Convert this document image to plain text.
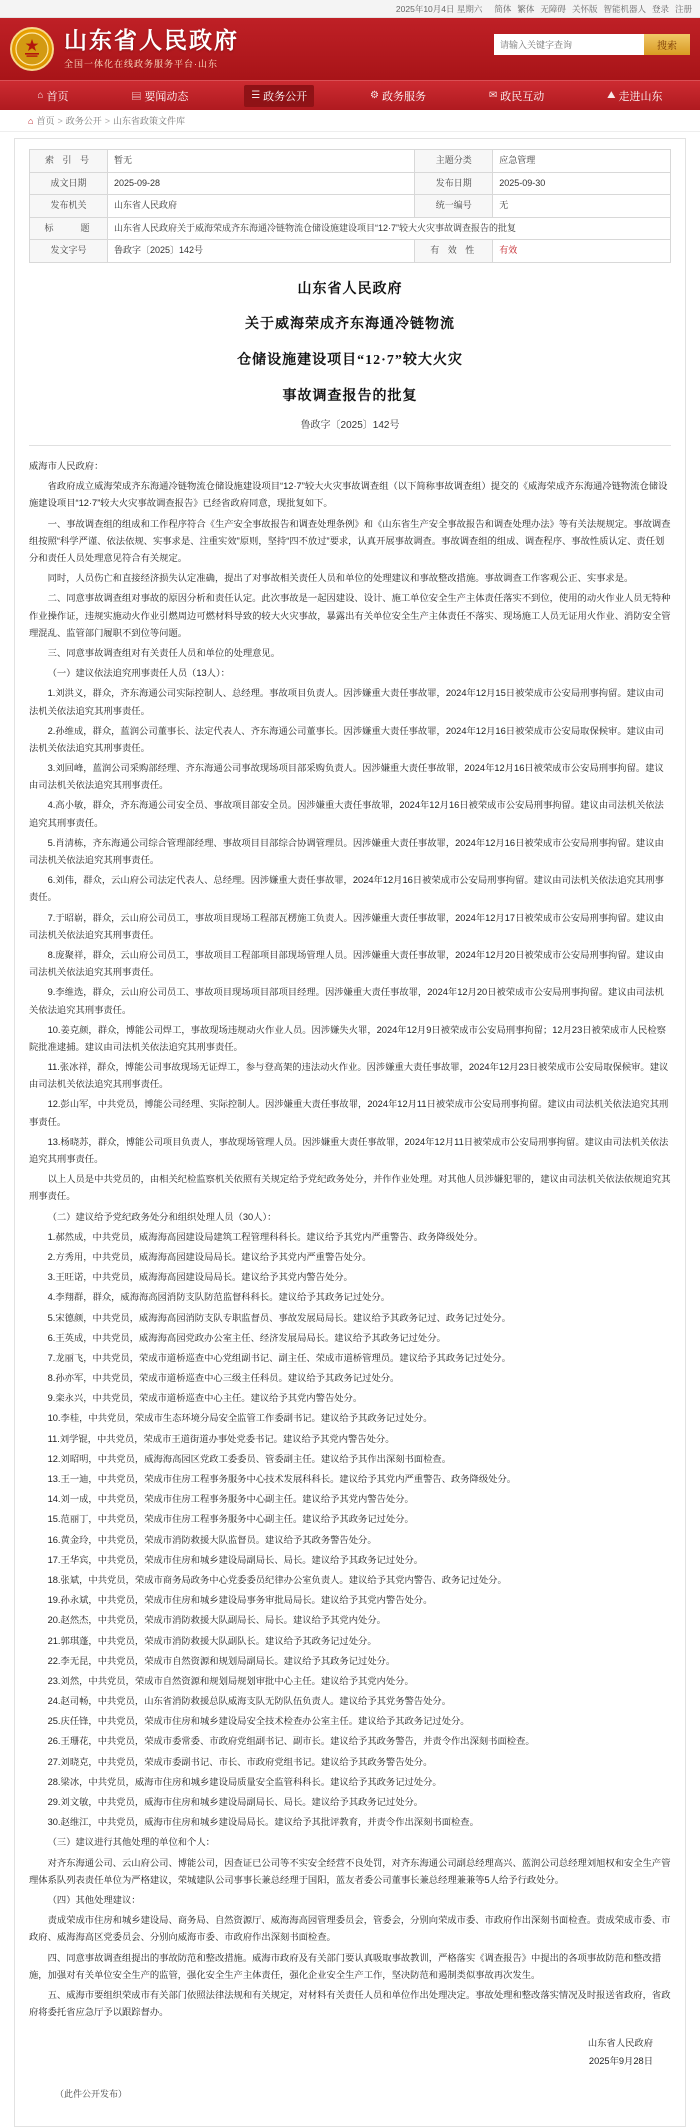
2025年10月4日 星期六 简体 繁体 无障碍 关怀版 智能机器人 登录 注册
山东省人民政府
全国一体化在线政务服务平台·山东
请输入关键字查询
搜索
⌂ 首页	▤ 要闻动态	☰ 政务公开	⚙ 政务服务	✉ 政民互动	⛰ 走进山东
⌂ 首页 > 政务公开 > 山东省政策文件库
索 引 号	暂无	主题分类	应急管理
成文日期	2025-09-28	发布日期	2025-09-30
发布机关	山东省人民政府	统一编号	无
标　　题	山东省人民政府关于威海荣成齐东海通冷链物流仓储设施建设项目“12·7”较大火灾事故调查报告的批复		
发文字号	鲁政字〔2025〕142号	有 效 性	有效
山东省人民政府
关于威海荣成齐东海通冷链物流
仓储设施建设项目“12·7”较大火灾
事故调查报告的批复
鲁政字〔2025〕142号

威海市人民政府：

省政府成立威海荣成齐东海通冷链物流仓储设施建设项目“12·7”较大火灾事故调查组（以下简称事故调查组）提交的《威海荣成齐东海通冷链物流仓储设施建设项目“12·7”较大火灾事故调查报告》已经省政府同意，现批复如下。

一、事故调查组的组成和工作程序符合《生产安全事故报告和调查处理条例》和《山东省生产安全事故报告和调查处理办法》等有关法规规定。事故调查组按照“科学严谨、依法依规、实事求是、注重实效”原则，坚持“四不放过”要求，认真开展事故调查。事故调查组的组成、调查程序、事故性质认定、责任划分和责任人员处理意见符合有关规定。

同时，人员伤亡和直接经济损失认定准确，提出了对事故相关责任人员和单位的处理建议和事故整改措施。事故调查工作客观公正、实事求是。

二、同意事故调查组对事故的原因分析和责任认定。此次事故是一起因建设、设计、施工单位安全生产主体责任落实不到位，使用的动火作业人员无特种作业操作证，违规实施动火作业引燃周边可燃材料导致的较大火灾事故，暴露出有关单位安全生产主体责任不落实、现场施工人员无证用火作业、消防安全管理混乱、监管部门履职不到位等问题。

三、同意事故调查组对有关责任人员和单位的处理意见。

（一）建议依法追究刑事责任人员（13人）：

1.刘洪义，群众，齐东海通公司实际控制人、总经理。事故项目负责人。因涉嫌重大责任事故罪，2024年12月15日被荣成市公安局刑事拘留。建议由司法机关依法追究其刑事责任。

2.孙维成，群众，蓝润公司董事长、法定代表人、齐东海通公司董事长。因涉嫌重大责任事故罪，2024年12月16日被荣成市公安局取保候审。建议由司法机关依法追究其刑事责任。

3.刘回峰，蓝润公司采购部经理、齐东海通公司事故现场项目部采购负责人。因涉嫌重大责任事故罪，2024年12月16日被荣成市公安局刑事拘留。建议由司法机关依法追究其刑事责任。

4.高小敏，群众，齐东海通公司安全员、事故项目部安全员。因涉嫌重大责任事故罪，2024年12月16日被荣成市公安局刑事拘留。建议由司法机关依法追究其刑事责任。

5.肖清栋，齐东海通公司综合管理部经理、事故项目目部综合协调管理员。因涉嫌重大责任事故罪，2024年12月16日被荣成市公安局刑事拘留。建议由司法机关依法追究其刑事责任。

6.刘伟，群众，云山府公司法定代表人、总经理。因涉嫌重大责任事故罪，2024年12月16日被荣成市公安局刑事拘留。建议由司法机关依法追究其刑事责任。

7.于昭崭，群众，云山府公司员工，事故项目现场工程部瓦楞施工负责人。因涉嫌重大责任事故罪，2024年12月17日被荣成市公安局刑事拘留。建议由司法机关依法追究其刑事责任。

8.庞聚祥，群众，云山府公司员工，事故项目工程部项目部现场管理人员。因涉嫌重大责任事故罪，2024年12月20日被荣成市公安局刑事拘留。建议由司法机关依法追究其刑事责任。

9.李维选，群众，云山府公司员工、事故项目现场项目部项目经理。因涉嫌重大责任事故罪，2024年12月20日被荣成市公安局刑事拘留。建议由司法机关依法追究其刑事责任。

10.姜克颜，群众，博能公司焊工，事故现场违规动火作业人员。因涉嫌失火罪，2024年12月9日被荣成市公安局刑事拘留；12月23日被荣成市人民检察院批准逮捕。建议由司法机关依法追究其刑事责任。

11.张冰祥，群众，博能公司事故现场无证焊工，参与登高架的违法动火作业。因涉嫌重大责任事故罪，2024年12月23日被荣成市公安局取保候审。建议由司法机关依法追究其刑事责任。

12.彭山军，中共党员，博能公司经理、实际控制人。因涉嫌重大责任事故罪，2024年12月11日被荣成市公安局刑事拘留。建议由司法机关依法追究其刑事责任。

13.杨晓苏，群众，博能公司项目负责人，事故现场管理人员。因涉嫌重大责任事故罪，2024年12月11日被荣成市公安局刑事拘留。建议由司法机关依法追究其刑事责任。

以上人员是中共党员的，由相关纪检监察机关依照有关规定给予党纪政务处分，并作作业处理。对其他人员涉嫌犯罪的，建议由司法机关依法依规追究其刑事责任。

（二）建议给予党纪政务处分和组织处理人员（30人）：

1.郝然成，中共党员，威海海高园建设局建筑工程管理科科长。建议给予其党内严重警告、政务降级处分。

2.方秀用，中共党员，威海海高园建设局局长。建议给予其党内严重警告处分。

3.王旺诺，中共党员，威海海高园建设局局长。建议给予其党内警告处分。

4.李翔群，群众，威海海高园消防支队防范监督科科长。建议给予其政务记过处分。

5.宋德颜，中共党员，威海海高园消防支队专职监督员、事故发展局局长。建议给予其政务记过、政务记过处分。

6.王英成，中共党员，威海海高园党政办公室主任、经济发展局局长。建议给予其政务记过处分。

7.龙丽飞，中共党员，荣成市道桥巡查中心党组副书记、副主任、荣成市道桥管理员。建议给予其政务记过处分。

8.孙亦军，中共党员，荣成市道桥巡查中心三级主任科员。建议给予其政务记过处分。

9.栾永兴，中共党员，荣成市道桥巡查中心主任。建议给予其党内警告处分。

10.李桂，中共党员，荣成市生态环境分局安全监管工作委副书记。建议给予其政务记过处分。

11.刘学锟，中共党员，荣成市王道街道办事处党委书记。建议给予其党内警告处分。

12.刘昭明，中共党员，威海海高园区党政工委委员、管委副主任。建议给予其作出深刻书面检查。

13.王一迪，中共党员，荣成市住房工程事务服务中心技术发展科科长。建议给予其党内严重警告、政务降级处分。

14.刘一成，中共党员，荣成市住房工程事务服务中心副主任。建议给予其党内警告处分。

15.范丽丁，中共党员，荣成市住房工程事务服务中心副主任。建议给予其政务记过处分。

16.黄金玲，中共党员，荣成市消防救援大队监督员。建议给予其政务警告处分。

17.王华宾，中共党员，荣成市住房和城乡建设局副局长、局长。建议给予其政务记过处分。

18.张斌，中共党员，荣成市商务局政务中心党委委员纪律办公室负责人。建议给予其党内警告、政务记过处分。

19.孙永斌，中共党员，荣成市住房和城乡建设局事务审批局局长。建议给予其党内警告处分。

20.赵然杰，中共党员，荣成市消防救援大队副局长、局长。建议给予其党内处分。

21.郭琪蓬，中共党员，荣成市消防救援大队副队长。建议给予其政务记过处分。

22.李无昆，中共党员，荣成市自然资源和规划局副局长。建议给予其政务记过处分。

23.刘然，中共党员，荣成市自然资源和规划局规划审批中心主任。建议给予其党内处分。

24.赵司畅，中共党员，山东省消防救援总队威海支队无防队伍负责人。建议给予其党务警告处分。

25.庆任锋，中共党员，荣成市住房和城乡建设局安全技术检查办公室主任。建议给予其政务记过处分。

26.王珊花，中共党员，荣成市委常委、市政府党组副书记、副市长。建议给予其政务警告，并责令作出深刻书面检查。

27.刘晓克，中共党员，荣成市委副书记、市长、市政府党组书记。建议给予其政务警告处分。

28.梁冰，中共党员，威海市住房和城乡建设局质量安全监管科科长。建议给予其政务记过处分。

29.刘文敏，中共党员，威海市住房和城乡建设局副局长、局长。建议给予其政务记过处分。

30.赵维江，中共党员，威海市住房和城乡建设局局长。建议给予其批评教育，并责令作出深刻书面检查。

（三）建议进行其他处理的单位和个人：

对齐东海通公司、云山府公司、博能公司，因查证已公司等不实安全经营不良处罚，对齐东海通公司副总经理高兴、蓝润公司总经理刘旭权和安全生产管理体系队列表责任单位为严格建议，荣城建队公司事事长兼总经理于国阳，蓝友者委公司董事长兼总经理兼兼等5人给予行政处分。

（四）其他处理建议：

责成荣成市住房和城乡建设局、商务局、自然资源厅、威海海高园管理委员会，管委会，分别向荣成市委、市政府作出深刻书面检查。责成荣成市委、市政府、威海海高区党委员会、分别向威海市委、市政府作出深刻书面检查。

四、同意事故调查组提出的事故防范和整改措施。威海市政府及有关部门要认真吸取事故教训，严格落实《调查报告》中提出的各项事故防范和整改措施，加强对有关单位安全生产的监管，强化安全生产主体责任，强化企业安全生产工作，坚决防范和遏制类似事故再次发生。

五、威海市要组织荣成市有关部门依照法律法规和有关规定，对材料有关责任人员和单位作出处理决定。事故处理和整改落实情况及时报送省政府，省政府将委托省应急厅予以跟踪督办。

山东省人民政府
2025年9月28日
（此件公开发布）
